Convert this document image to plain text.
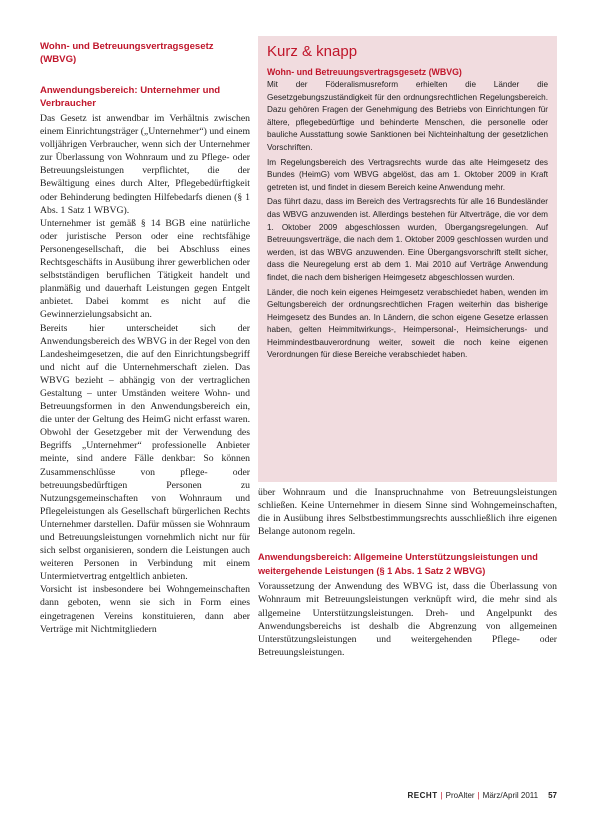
Wohn- und Betreuungsvertragsgesetz (WBVG)
Anwendungsbereich: Unternehmer und Verbraucher

Das Gesetz ist anwendbar im Verhältnis zwischen einem Einrichtungsträger („Unternehmer“) und einem volljährigen Verbraucher, wenn sich der Unternehmer zur Überlassung von Wohnraum und zu Pflege- oder Betreuungsleistungen verpflichtet, die der Bewältigung eines durch Alter, Pflegebedürftigkeit oder Behinderung bedingten Hilfebedarfs dienen (§ 1 Abs. 1 Satz 1 WBVG).

Unternehmer ist gemäß § 14 BGB eine natürliche oder juristische Person oder eine rechtsfähige Personengesellschaft, die bei Abschluss eines Rechtsgeschäfts in Ausübung ihrer gewerblichen oder selbstständigen beruflichen Tätigkeit handelt und planmäßig und dauerhaft Leistungen gegen Entgelt anbietet. Dabei kommt es nicht auf die Gewinnerzielungsabsicht an.

Bereits hier unterscheidet sich der Anwendungsbereich des WBVG in der Regel von den Landesheimgesetzen, die auf den Einrichtungsbegriff und nicht auf die Unternehmerschaft zielen. Das WBVG bezieht – abhängig von der vertraglichen Gestaltung – unter Umständen weitere Wohn- und Betreuungsformen in den Anwendungsbereich ein, die unter der Geltung des HeimG nicht erfasst waren. Obwohl der Gesetzgeber mit der Verwendung des Begriffs „Unternehmer“ professionelle Anbieter meinte, sind andere Fälle denkbar: So können Zusammenschlüsse von pflege- oder betreuungsbedürftigen Personen zu Nutzungsgemeinschaften von Wohnraum und Pflegeleistungen als Gesellschaft bürgerlichen Rechts Unternehmer darstellen. Dafür müssen sie Wohnraum und Betreuungsleistungen vornehmlich nicht nur für sich selbst organisieren, sondern die Leistungen auch weiteren Personen in Verbindung mit einem Untermietvertrag entgeltlich anbieten.

Vorsicht ist insbesondere bei Wohngemeinschaften dann geboten, wenn sie sich in Form eines eingetragenen Vereins konstituieren, dann aber Verträge mit Nichtmitgliedern

Kurz & knapp
Wohn- und Betreuungsvertragsgesetz (WBVG)

Mit der Föderalismusreform erhielten die Länder die Gesetzgebungszuständigkeit für den ordnungsrechtlichen Regelungsbereich. Dazu gehören Fragen der Genehmigung des Betriebs von Einrichtungen für ältere, pflegebedürftige und behinderte Menschen, die personelle oder bauliche Ausstattung sowie Sanktionen bei Nichteinhaltung der gesetzlichen Vorschriften.

Im Regelungsbereich des Vertragsrechts wurde das alte Heimgesetz des Bundes (HeimG) vom WBVG abgelöst, das am 1. Oktober 2009 in Kraft getreten ist, und findet in diesem Bereich keine Anwendung mehr.

Das führt dazu, dass im Bereich des Vertragsrechts für alle 16 Bundesländer das WBVG anzuwenden ist. Allerdings bestehen für Altverträge, die vor dem 1. Oktober 2009 abgeschlossen wurden, Übergangsregelungen. Auf Betreuungsverträge, die nach dem 1. Oktober 2009 geschlossen wurden und werden, ist das WBVG anzuwenden. Eine Übergangsvorschrift stellt sicher, dass die Neuregelung erst ab dem 1. Mai 2010 auf Verträge Anwendung findet, die nach dem bisherigen Heimgesetz abgeschlossen wurden.

Länder, die noch kein eigenes Heimgesetz verabschiedet haben, wenden im Geltungsbereich der ordnungsrechtlichen Fragen weiterhin das bisherige Heimgesetz des Bundes an. In Ländern, die schon eigene Gesetze erlassen haben, gelten Heimmitwirkungs-, Heimpersonal-, Heimsicherungs- und Heimmindestbauverordnung weiter, soweit die noch keine eigenen Verordnungen für diese Bereiche verabschiedet haben.

über Wohnraum und die Inanspruchnahme von Betreuungsleistungen schließen. Keine Unternehmer in diesem Sinne sind Wohngemeinschaften, die in Ausübung ihres Selbstbestimmungsrechts ausschließlich ihre eigenen Belange autonom regeln.

Anwendungsbereich: Allgemeine Unterstützungsleistungen und weitergehende Leistungen (§ 1 Abs. 1 Satz 2 WBVG)

Voraussetzung der Anwendung des WBVG ist, dass die Überlassung von Wohnraum mit Betreuungsleistungen verknüpft wird, die mehr sind als allgemeine Unterstützungsleistungen. Dreh- und Angelpunkt des Anwendungsbereichs ist deshalb die Abgrenzung von allgemeinen Unterstützungsleistungen und weitergehenden Pflege- oder Betreuungsleistungen.

RECHT | ProAlter | März/April 2011 57
